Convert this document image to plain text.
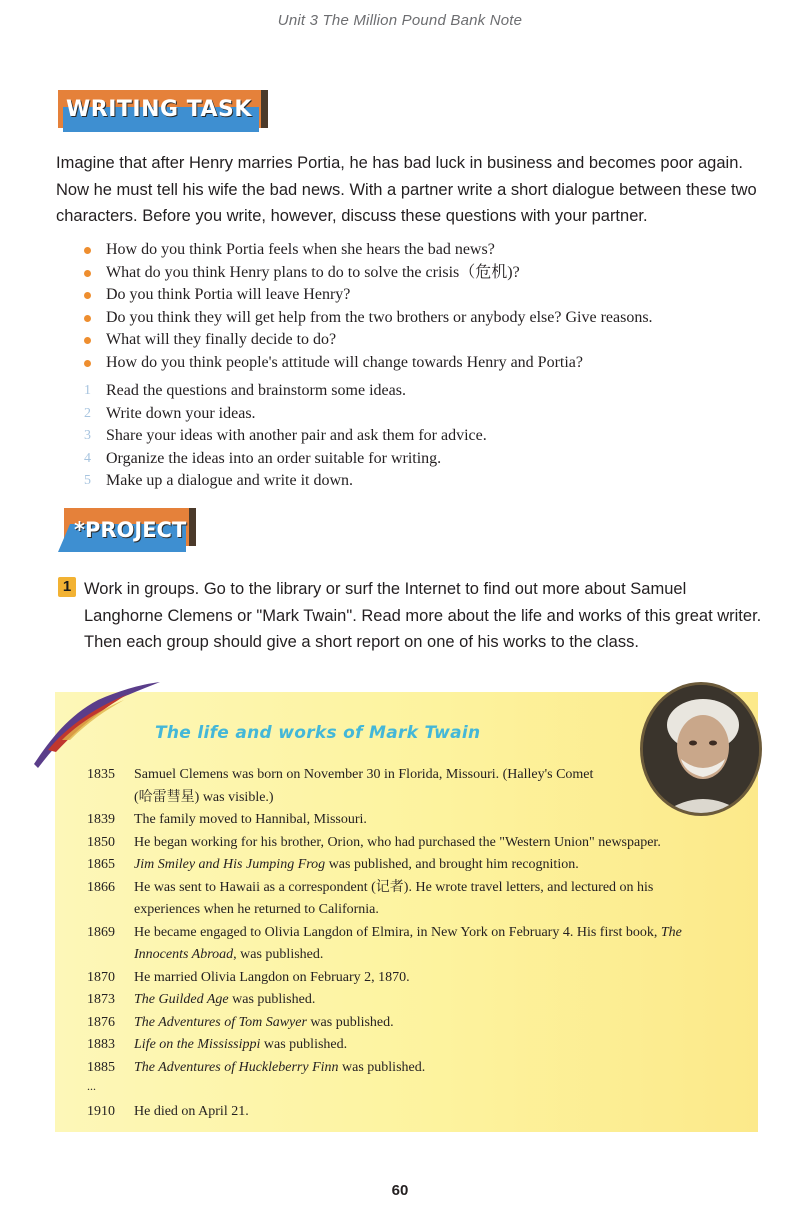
Unit 3 The Million Pound Bank Note
WRITING TASK
Imagine that after Henry marries Portia, he has bad luck in business and becomes poor again. Now he must tell his wife the bad news. With a partner write a short dialogue between these two characters. Before you write, however, discuss these questions with your partner.
How do you think Portia feels when she hears the bad news?
What do you think Henry plans to do to solve the crisis（危机)?
Do you think Portia will leave Henry?
Do you think they will get help from the two brothers or anybody else? Give reasons.
What will they finally decide to do?
How do you think people's attitude will change towards Henry and Portia?
1 Read the questions and brainstorm some ideas.
2 Write down your ideas.
3 Share your ideas with another pair and ask them for advice.
4 Organize the ideas into an order suitable for writing.
5 Make up a dialogue and write it down.
*PROJECT
1 Work in groups. Go to the library or surf the Internet to find out more about Samuel Langhorne Clemens or "Mark Twain". Read more about the life and works of this great writer. Then each group should give a short report on one of his works to the class.
The life and works of Mark Twain
1835	Samuel Clemens was born on November 30 in Florida, Missouri. (Halley's Comet
(哈雷彗星) was visible.)
1839	The family moved to Hannibal, Missouri.
1850	He began working for his brother, Orion, who had purchased the "Western Union" newspaper.
1865	Jim Smiley and His Jumping Frog was published, and brought him recognition.
1866	He was sent to Hawaii as a correspondent (记者). He wrote travel letters, and lectured on his
experiences when he returned to California.
1869	He became engaged to Olivia Langdon of Elmira, in New York on February 4. His first book, The
Innocents Abroad, was published.
1870	He married Olivia Langdon on February 2, 1870.
1873	The Guilded Age was published.
1876	The Adventures of Tom Sawyer was published.
1883	Life on the Mississippi was published.
1885	The Adventures of Huckleberry Finn was published.
...
1910	He died on April 21.
60
